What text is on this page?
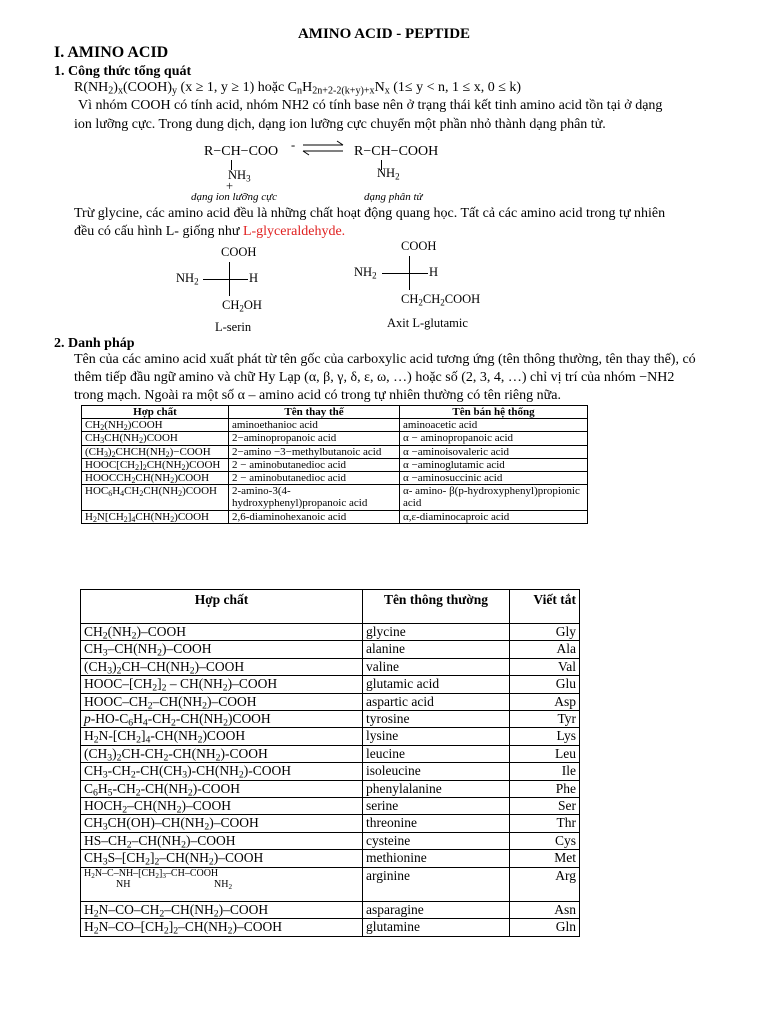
AMINO ACID - PEPTIDE
I. AMINO ACID
1. Công thức tổng quát
$R(NH_2)_x(COOH)_y$ (x ≥ 1, y ≥ 1) hoặc $C_nH_{2n+2-2(k+y)+x}N_x$ (1≤ y < n, 1 ≤ x, 0 ≤ k)
Vì nhóm COOH có tính acid, nhóm NH2 có tính base nên ở trạng thái kết tinh amino acid tồn tại ở dạng
ion lưỡng cực. Trong dung dịch, dạng ion lưỡng cực chuyển một phần nhỏ thành dạng phân tử.
R−CH−COO -
$NH_3$
+
⇌ R−CH−COOH
$NH_2$
dạng ion lưỡng cực	dạng phân tử
Trừ glycine, các amino acid đều là những chất hoạt động quang học. Tất cả các amino acid trong tự nhiên
đều có cấu hình L- giống như L-glyceraldehyde.
COOH
$NH_2$	H
$CH_2OH$
L-serin
COOH
$NH_2$	H
$CH_2CH_2COOH$
Axit L-glutamic
2. Danh pháp
Tên của các amino acid xuất phát từ tên gốc của carboxylic acid tương ứng (tên thông thường, tên thay thế), có
thêm tiếp đầu ngữ amino và chữ Hy Lạp (α, β, γ, δ, ε, ω, …) hoặc số (2, 3, 4, …) chỉ vị trí của nhóm −NH2
trong mạch. Ngoài ra một số α – amino acid có trong tự nhiên thường có tên riêng nữa.
Hợp chất	Tên thay thế	Tên bán hệ thống
$CH_2(NH_2)COOH$	aminoethanioc acid	aminoacetic acid
$CH_3CH(NH_2)COOH$	2−aminopropanoic acid	α − aminopropanoic acid
$(CH_3)_2CHCH(NH_2)-COOH$	2−amino −3−methylbutanoic acid	α −aminoisovaleric acid
$HOOC[CH_2]_2CH(NH_2)COOH$	2 − aminobutanedioc acid	α −aminoglutamic acid
$HOOCCH_2CH(NH_2)COOH$	2 − aminobutanedioc acid	α −aminosuccinic acid
$HOC_6H_4CH_2CH(NH_2)COOH$	2-amino-3(4-hydroxyphenyl)propanoic acid	α- amino- β(p-hydroxyphenyl)propionic acid
$H_2N[CH_2]_4CH(NH_2)COOH$	2,6-diaminohexanoic acid	α,ε-diaminocaproic acid
Hợp chất	Tên thông thường	Viết tắt
$CH_2(NH_2)$–COOH	glycine	Gly
$CH_3-CH(NH_2)$–COOH	alanine	Ala
$(CH_3)_2CH-CH(NH_2)$–COOH	valine	Val
HOOC–$[CH_2]_2$ – $CH(NH_2)$–COOH	glutamic acid	Glu
HOOC–$CH_2-CH(NH_2)$–COOH	aspartic acid	Asp
$p-HO-C_6H_4-CH_2-CH(NH_2)COOH$	tyrosine	Tyr
$H_2N-[CH_2]_4-CH(NH_2)COOH$	lysine	Lys
$(CH_3)_2CH-CH_2-CH(NH_2)$-COOH	leucine	Leu
$CH_3-CH_2-CH(CH_3)-CH(NH_2)$-COOH	isoleucine	Ile
$C_6H_5-CH_2-CH(NH_2)$-COOH	phenylalanine	Phe
$HOCH_2-CH(NH_2)$–COOH	serine	Ser
$CH_3CH(OH)-CH(NH_2)$–COOH	threonine	Thr
$HS-CH_2-CH(NH_2)$–COOH	cysteine	Cys
$CH_3S-[CH_2]_2-CH(NH_2)$–COOH	methionine	Met

$H_2N-C-NH-[CH_2]_3-CH$–COOH
NH $NH_2$	arginine	Arg
$H_2N-CO-CH_2-CH(NH_2)$–COOH	asparagine	Asn
$H_2N-CO-[CH_2]_2-CH(NH_2)$–COOH	glutamine	Gln
